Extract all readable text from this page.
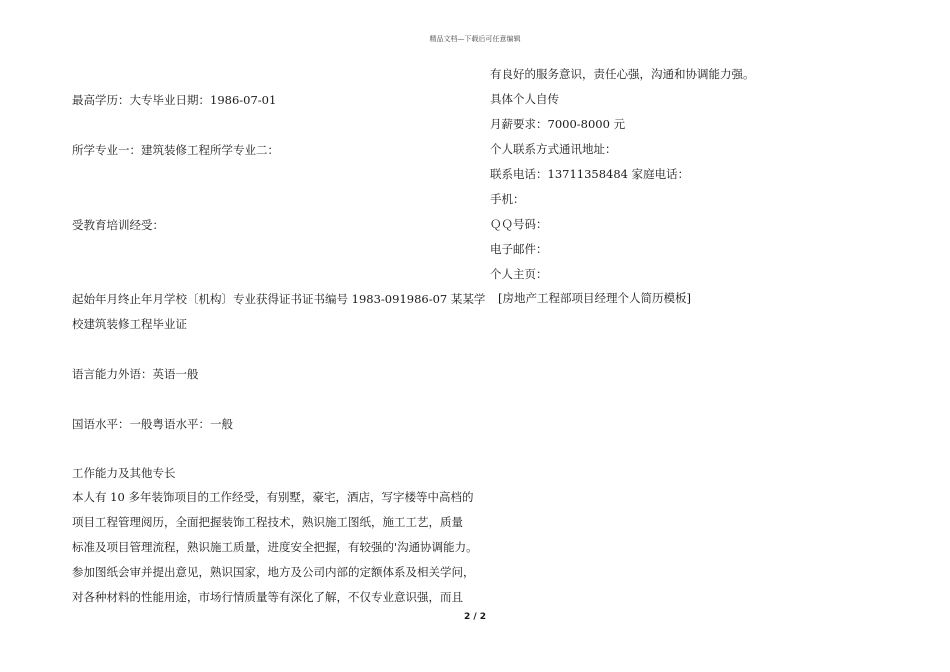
精品文档—下载后可任意编辑
最高学历：大专毕业日期：1986-07-01
所学专业一：建筑装修工程所学专业二：
受教育培训经受：
起始年月终止年月学校〔机构〕专业获得证书证书编号 1983-091986-07 某某学
校建筑装修工程毕业证
语言能力外语：英语一般
国语水平：一般粤语水平：一般
工作能力及其他专长
本人有 10 多年装饰项目的工作经受，有别墅，豪宅，酒店，写字楼等中高档的
项目工程管理阅历，全面把握装饰工程技术，熟识施工图纸，施工工艺，质量
标准及项目管理流程，熟识施工质量，进度安全把握，有较强的'沟通协调能力。
参加图纸会审并提出意见，熟识国家，地方及公司内部的定额体系及相关学问，
对各种材料的性能用途，市场行情质量等有深化了解，不仅专业意识强，而且
有良好的服务意识，责任心强，沟通和协调能力强。
具体个人自传
月薪要求：7000-8000 元
个人联系方式通讯地址：
联系电话：13711358484 家庭电话：
手机：
ＱＱ号码：
电子邮件：
个人主页：
[房地产工程部项目经理个人简历模板]
2 / 2
